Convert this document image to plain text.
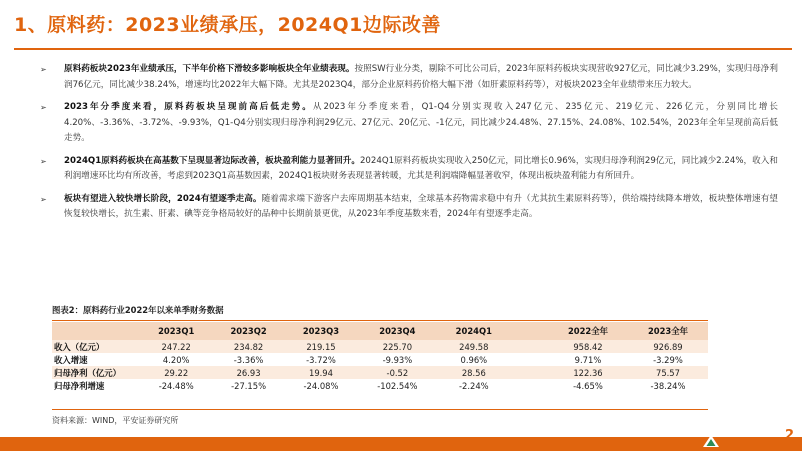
1、原料药：2023业绩承压，2024Q1边际改善
➢ 原料药板块2023年业绩承压，下半年价格下滑较多影响板块全年业绩表现。按照SW行业分类，剔除不可比公司后，2023年原料药板块实现营收927亿元，同比减少3.29%，实现归母净利润76亿元，同比减少38.24%，增速均比2022年大幅下降。尤其是2023Q4，部分企业原料药价格大幅下滑（如肝素原料药等），对板块2023全年业绩带来压力较大。
➢ 2023年分季度来看，原料药板块呈现前高后低走势。从2023年分季度来看，Q1-Q4分别实现收入247亿元、235亿元、219亿元、226亿元，分别同比增长4.20%、-3.36%、-3.72%、-9.93%，Q1-Q4分别实现归母净利润29亿元、27亿元、20亿元、-1亿元，同比减少24.48%、27.15%、24.08%、102.54%，2023年全年呈现前高后低走势。
➢ 2024Q1原料药板块在高基数下呈现显著边际改善，板块盈利能力显著回升。2024Q1原料药板块实现收入250亿元，同比增长0.96%，实现归母净利润29亿元，同比减少2.24%，收入和利润增速环比均有所改善，考虑到2023Q1高基数因素，2024Q1板块财务表现显著转暖，尤其是利润端降幅显著收窄，体现出板块盈利能力有所回升。
➢ 板块有望进入较快增长阶段，2024有望逐季走高。随着需求端下游客户去库周期基本结束，全球基本药物需求稳中有升（尤其抗生素原料药等），供给端持续降本增效，板块整体增速有望恢复较快增长，抗生素、肝素、碘等竞争格局较好的品种中长期前景更优，从2023年季度基数来看，2024年有望逐季走高。
图表2：原料药行业2022年以来单季财务数据
	2023Q1	2023Q2	2023Q3	2023Q4	2024Q1		2022全年	2023全年
收入（亿元）	247.22	234.82	219.15	225.70	249.58		958.42	926.89
收入增速	4.20%	-3.36%	-3.72%	-9.93%	0.96%		9.71%	-3.29%
归母净利（亿元）	29.22	26.93	19.94	-0.52	28.56		122.36	75.57
归母净利增速	-24.48%	-27.15%	-24.08%	-102.54%	-2.24%		-4.65%	-38.24%
资料来源：WIND，平安证券研究所
2
